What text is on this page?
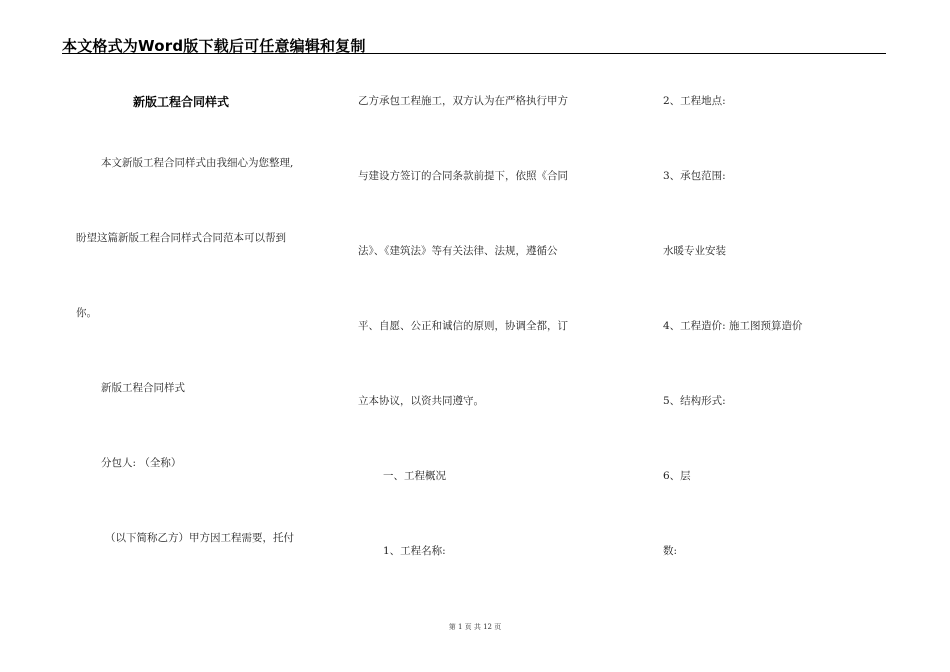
本文格式为Word版下载后可任意编辑和复制
新版工程合同样式
本文新版工程合同样式由我细心为您整理,
盼望这篇新版工程合同样式合同范本可以帮到
你。
新版工程合同样式
分包人: （全称）
（以下简称乙方）甲方因工程需要，托付
乙方承包工程施工，双方认为在严格执行甲方
与建设方签订的合同条款前提下，依照《合同
法》、《建筑法》等有关法律、法规，遵循公
平、自愿、公正和诚信的原则，协调全都，订
立本协议，以资共同遵守。
一、工程概况
1、工程名称:
2、工程地点:
3、承包范围:
水暖专业安装
4、工程造价: 施工图预算造价
5、结构形式:
6、层
数:
第 1 页 共 12 页
